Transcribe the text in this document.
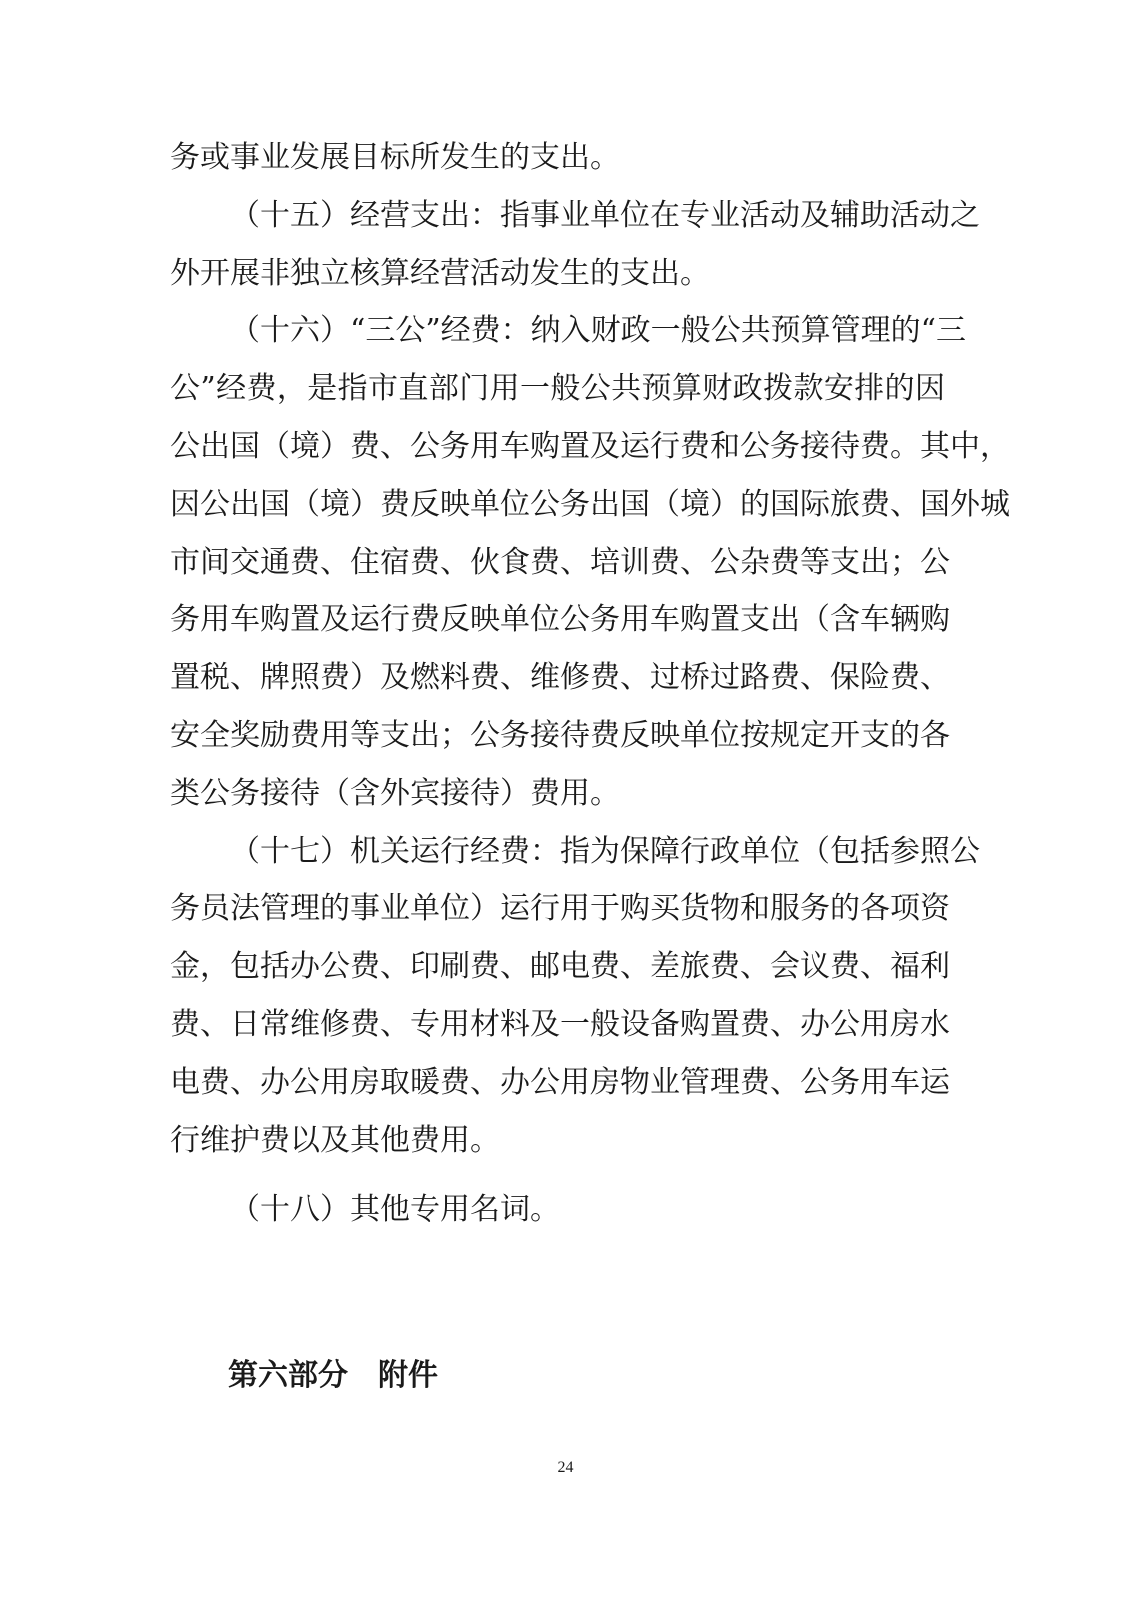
务或事业发展目标所发生的支出。
（十五）经营支出：指事业单位在专业活动及辅助活动之
外开展非独立核算经营活动发生的支出。
（十六）“三公”经费：纳入财政一般公共预算管理的“三
公”经费，是指市直部门用一般公共预算财政拨款安排的因
公出国（境）费、公务用车购置及运行费和公务接待费。其中，
因公出国（境）费反映单位公务出国（境）的国际旅费、国外城
市间交通费、住宿费、伙食费、培训费、公杂费等支出；公
务用车购置及运行费反映单位公务用车购置支出（含车辆购
置税、牌照费）及燃料费、维修费、过桥过路费、保险费、
安全奖励费用等支出；公务接待费反映单位按规定开支的各
类公务接待（含外宾接待）费用。
（十七）机关运行经费：指为保障行政单位（包括参照公
务员法管理的事业单位）运行用于购买货物和服务的各项资
金，包括办公费、印刷费、邮电费、差旅费、会议费、福利
费、日常维修费、专用材料及一般设备购置费、办公用房水
电费、办公用房取暖费、办公用房物业管理费、公务用车运
行维护费以及其他费用。
（十八）其他专用名词。
第六部分　附件
24
